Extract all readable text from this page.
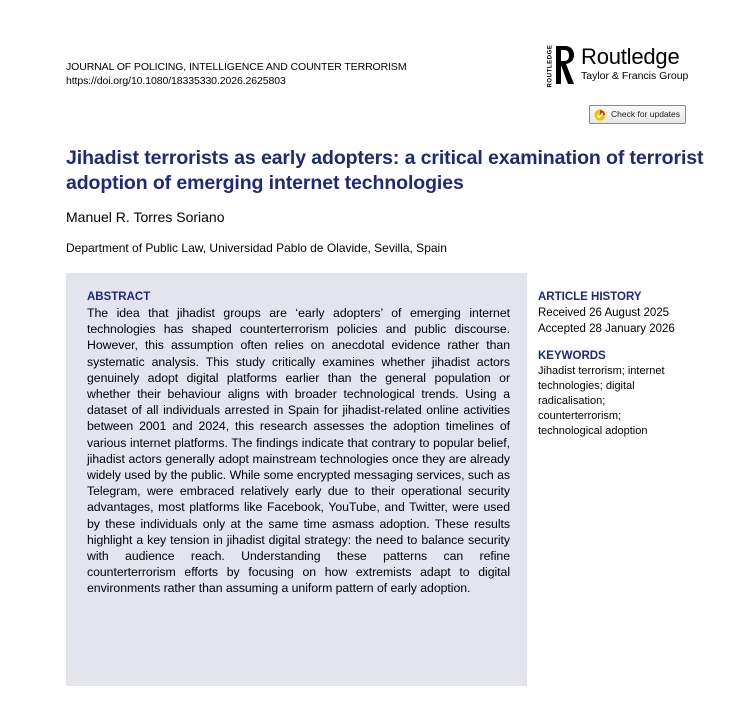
JOURNAL OF POLICING, INTELLIGENCE AND COUNTER TERRORISM
https://doi.org/10.1080/18335330.2026.2625803	ROUTLEDGE Routledge
Taylor & Francis Group
Check for updates
Jihadist terrorists as early adopters: a critical examination of terrorist adoption of emerging internet technologies
Manuel R. Torres Soriano
Department of Public Law, Universidad Pablo de Olavide, Sevilla, Spain
ABSTRACT

The idea that jihadist groups are ‘early adopters’ of emerging internet technologies has shaped counterterrorism policies and public discourse. However, this assumption often relies on anecdotal evidence rather than systematic analysis. This study critically examines whether jihadist actors genuinely adopt digital platforms earlier than the general population or whether their behaviour aligns with broader technological trends. Using a dataset of all individuals arrested in Spain for jihadist-related online activities between 2001 and 2024, this research assesses the adoption timelines of various internet platforms. The findings indicate that contrary to popular belief, jihadist actors generally adopt mainstream technologies once they are already widely used by the public. While some encrypted messaging services, such as Telegram, were embraced relatively early due to their operational security advantages, most platforms like Facebook, YouTube, and Twitter, were used by these individuals only at the same time asmass adoption. These results highlight a key tension in jihadist digital strategy: the need to balance security with audience reach. Understanding these patterns can refine counterterrorism efforts by focusing on how extremists adapt to digital environments rather than assuming a uniform pattern of early adoption.

ARTICLE HISTORY
Received 26 August 2025
Accepted 28 January 2026
KEYWORDS
Jihadist terrorism; internet technologies; digital radicalisation; counterterrorism; technological adoption
